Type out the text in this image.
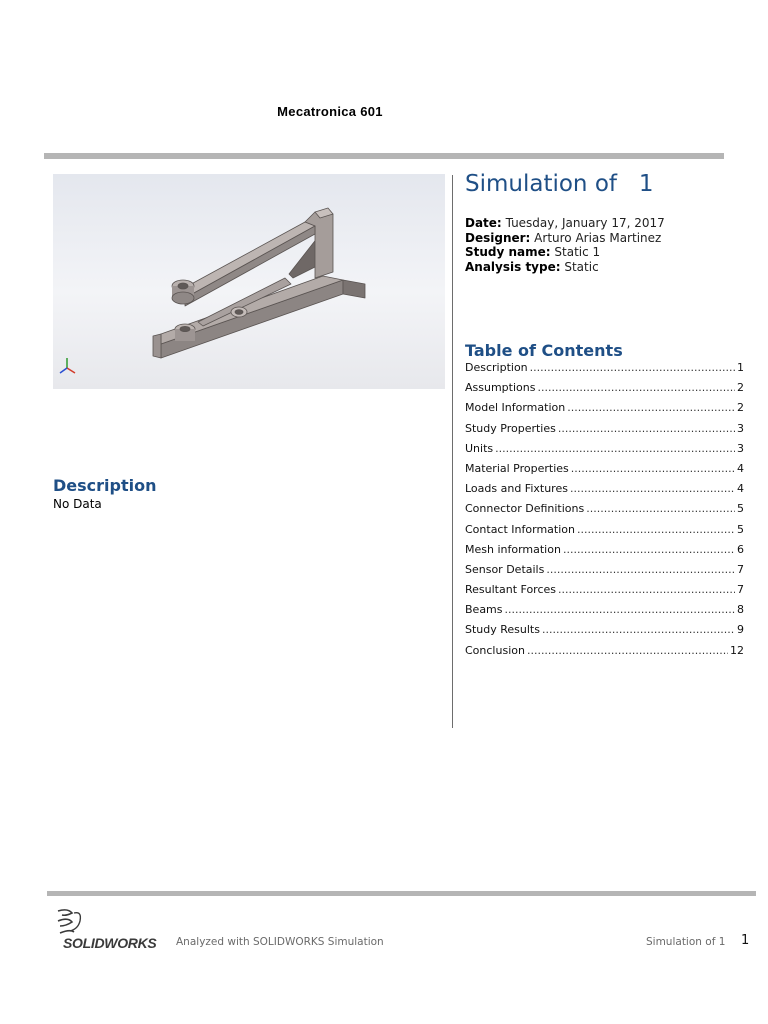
Mecatronica 601
Simulation of   1
Date: Tuesday, January 17, 2017
Designer: Arturo Arias Martinez
Study name: Static 1
Analysis type: Static
Table of Contents
Description .....	1
Assumptions .....	2
Model Information .....	2
Study Properties .....	3
Units .....	3
Material Properties .....	4
Loads and Fixtures .....	4
Connector Definitions .....	5
Contact Information .....	5
Mesh information .....	6
Sensor Details .....	7
Resultant Forces .....	7
Beams .....	8
Study Results .....	9
Conclusion .....	12
Description
No Data
SOLIDWORKS Analyzed with SOLIDWORKS Simulation	Simulation of 1 1
